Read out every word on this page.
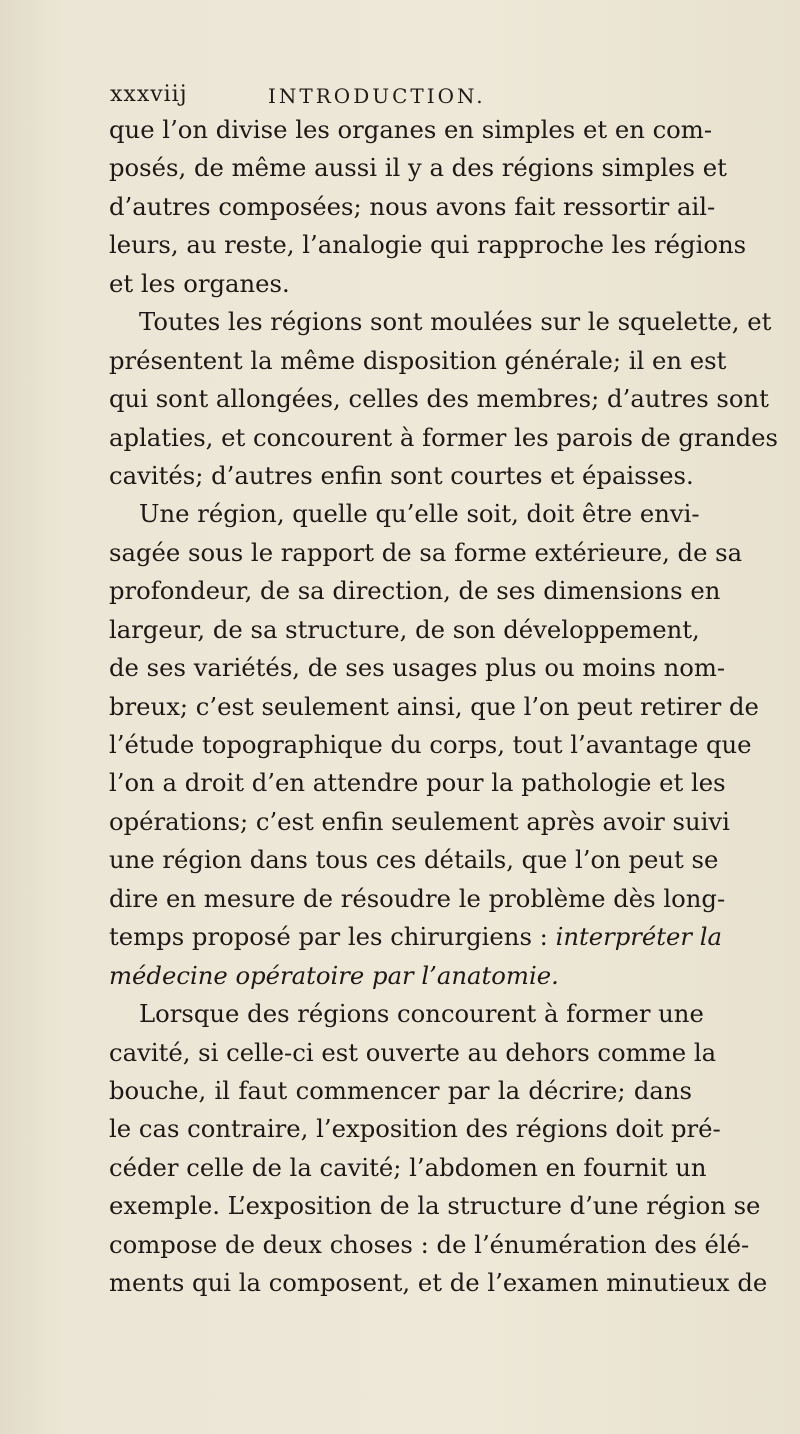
xxxviij	INTRODUCTION.
que l’on divise les organes en simples et en com-
posés, de même aussi il y a des régions simples et
d’autres composées; nous avons fait ressortir ail-
leurs, au reste, l’analogie qui rapproche les régions
et les organes.
Toutes les régions sont moulées sur le squelette, et
présentent la même disposition générale; il en est
qui sont allongées, celles des membres; d’autres sont
aplaties, et concourent à former les parois de grandes
cavités; d’autres enfin sont courtes et épaisses.
Une région, quelle qu’elle soit, doit être envi-
sagée sous le rapport de sa forme extérieure, de sa
profondeur, de sa direction, de ses dimensions en
largeur, de sa structure, de son développement,
de ses variétés, de ses usages plus ou moins nom-
breux; c’est seulement ainsi, que l’on peut retirer de
l’étude topographique du corps, tout l’avantage que
l’on a droit d’en attendre pour la pathologie et les
opérations; c’est enfin seulement après avoir suivi
une région dans tous ces détails, que l’on peut se
dire en mesure de résoudre le problème dès long-
temps proposé par les chirurgiens : interpréter la
médecine opératoire par l’anatomie.
Lorsque des régions concourent à former une
cavité, si celle-ci est ouverte au dehors comme la
bouche, il faut commencer par la décrire; dans
le cas contraire, l’exposition des régions doit pré-
céder celle de la cavité; l’abdomen en fournit un
exemple. L’exposition de la structure d’une région se
compose de deux choses : de l’énumération des élé-
ments qui la composent, et de l’examen minutieux de
